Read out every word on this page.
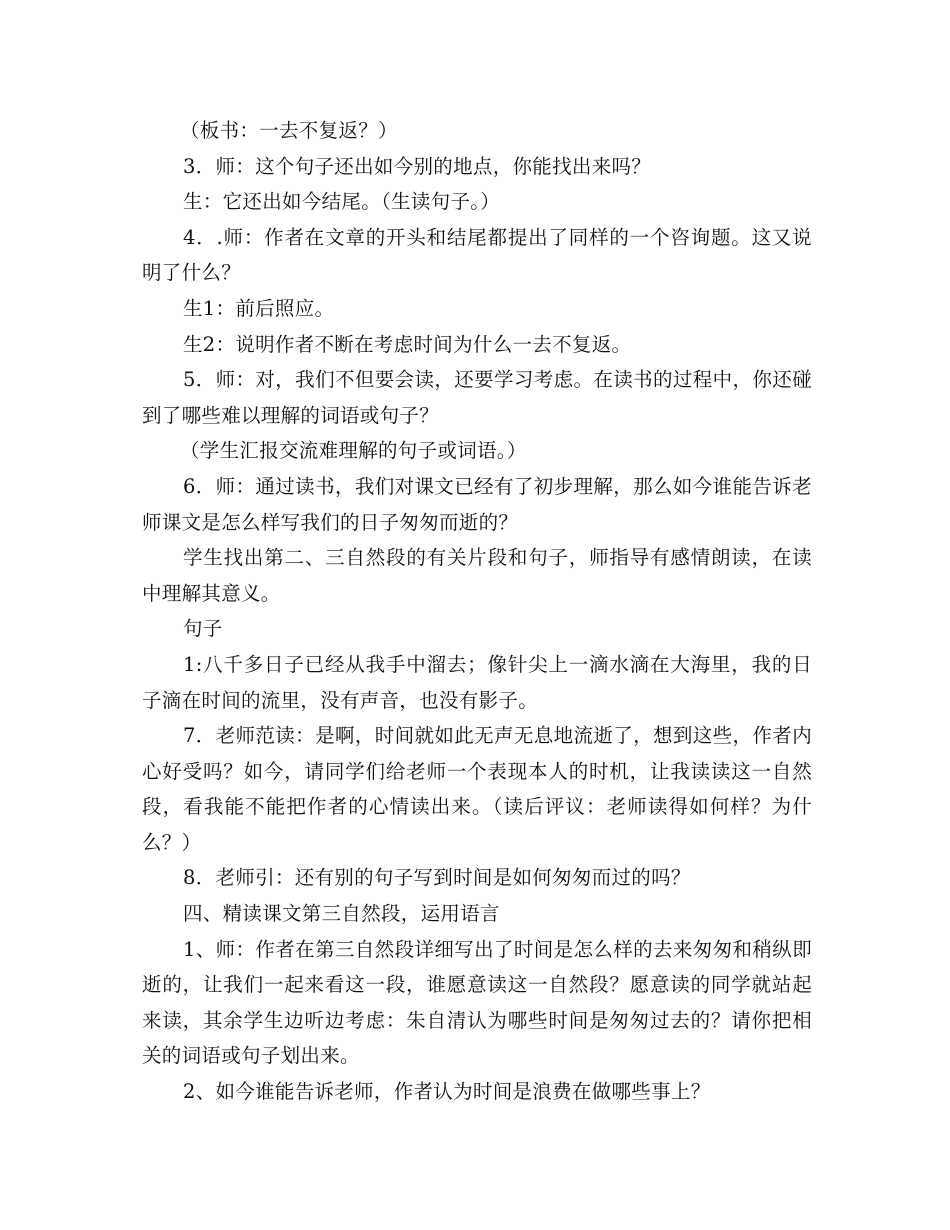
（板书：一去不复返？）

3．师：这个句子还出如今别的地点，你能找出来吗？

生：它还出如今结尾。（生读句子。）

4．.师：作者在文章的开头和结尾都提出了同样的一个咨询题。这又说明了什么？

生1：前后照应。

生2：说明作者不断在考虑时间为什么一去不复返。

5．师：对，我们不但要会读，还要学习考虑。在读书的过程中，你还碰到了哪些难以理解的词语或句子？

（学生汇报交流难理解的句子或词语。）

6．师：通过读书，我们对课文已经有了初步理解，那么如今谁能告诉老师课文是怎么样写我们的日子匆匆而逝的？

学生找出第二、三自然段的有关片段和句子，师指导有感情朗读，在读中理解其意义。

句子

1:八千多日子已经从我手中溜去；像针尖上一滴水滴在大海里，我的日子滴在时间的流里，没有声音，也没有影子。

7．老师范读：是啊，时间就如此无声无息地流逝了，想到这些，作者内心好受吗？如今，请同学们给老师一个表现本人的时机，让我读读这一自然段，看我能不能把作者的心情读出来。（读后评议：老师读得如何样？为什么？）

8．老师引：还有别的句子写到时间是如何匆匆而过的吗？

四、精读课文第三自然段，运用语言

1、师：作者在第三自然段详细写出了时间是怎么样的去来匆匆和稍纵即逝的，让我们一起来看这一段，谁愿意读这一自然段？愿意读的同学就站起来读，其余学生边听边考虑：朱自清认为哪些时间是匆匆过去的？请你把相关的词语或句子划出来。

2、如今谁能告诉老师，作者认为时间是浪费在做哪些事上？
